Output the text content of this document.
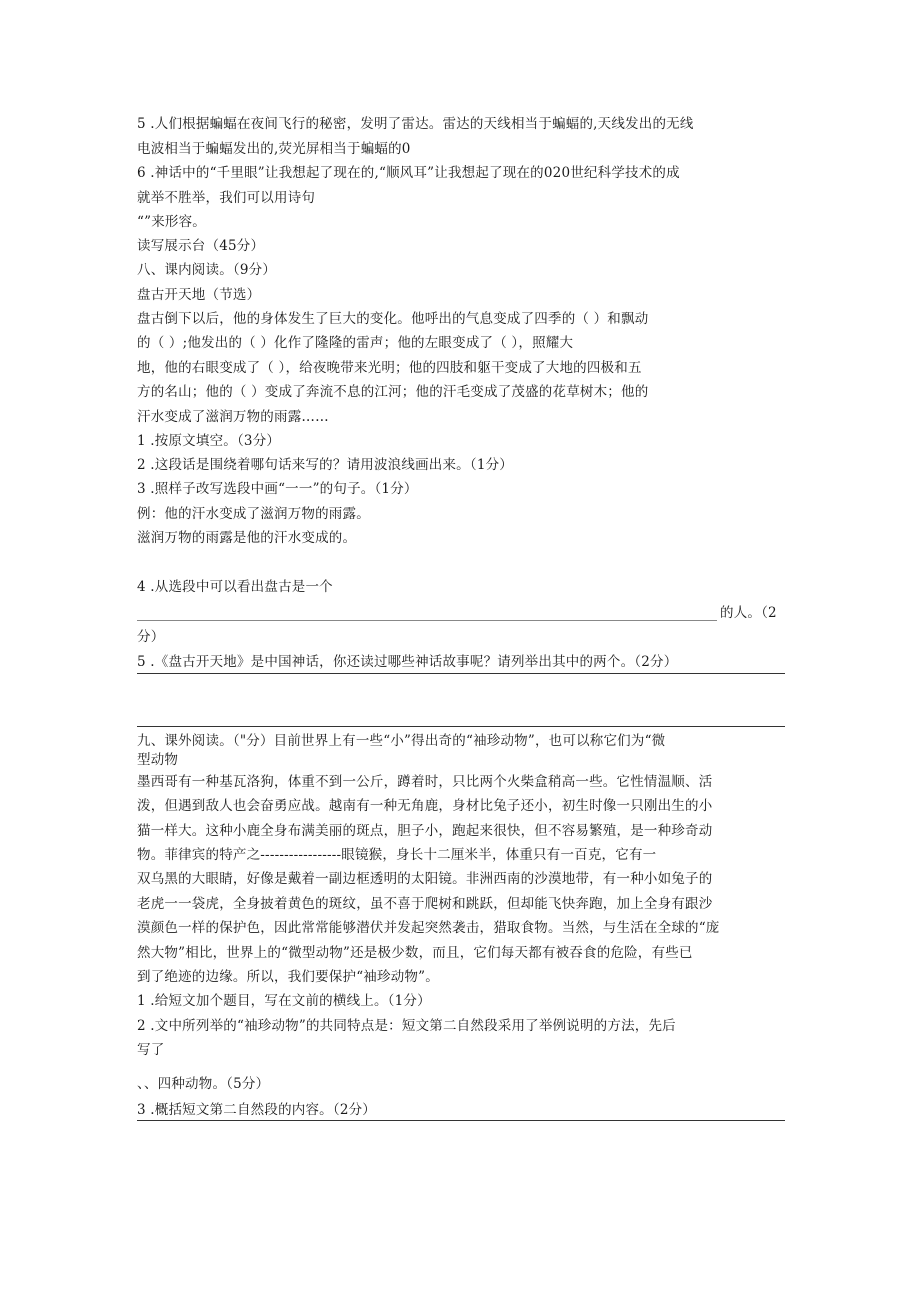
5 .人们根据蝙蝠在夜间飞行的秘密，发明了雷达。雷达的天线相当于蝙蝠的,天线发出的无线
电波相当于蝙蝠发出的,荧光屏相当于蝙蝠的0
6 .神话中的“千里眼”让我想起了现在的,“顺风耳”让我想起了现在的020世纪科学技术的成
就举不胜举，我们可以用诗句
“”来形容。
读写展示台（45分）
八、课内阅读。（9分）
盘古开天地（节选）
盘古倒下以后，他的身体发生了巨大的变化。他呼出的气息变成了四季的（ ）和飘动
的（ ）;他发出的（ ）化作了隆隆的雷声；他的左眼变成了（ ），照耀大
地，他的右眼变成了（ ），给夜晚带来光明；他的四肢和躯干变成了大地的四极和五
方的名山；他的（ ）变成了奔流不息的江河；他的汗毛变成了茂盛的花草树木；他的
汗水变成了滋润万物的雨露……
1 .按原文填空。（3分）
2 .这段话是围绕着哪句话来写的？请用波浪线画出来。（1分）
3 .照样子改写选段中画“一一”的句子。（1分）
例：他的汗水变成了滋润万物的雨露。
滋润万物的雨露是他的汗水变成的。
4 .从选段中可以看出盘古是一个
的人。（2
分）
5 .《盘古开天地》是中国神话，你还读过哪些神话故事呢？请列举出其中的两个。（2分）
九、课外阅读。（"分）目前世界上有一些“小”得出奇的“袖珍动物”，也可以称它们为“微
型动物
墨西哥有一种基瓦洛狗，体重不到一公斤，蹲着时，只比两个火柴盒稍高一些。它性情温顺、活
泼，但遇到敌人也会奋勇应战。越南有一种无角鹿，身材比兔子还小，初生时像一只刚出生的小
猫一样大。这种小鹿全身布满美丽的斑点，胆子小，跑起来很快，但不容易繁殖，是一种珍奇动
物。菲律宾的特产之-----------------眼镜猴，身长十二厘米半，体重只有一百克，它有一
双乌黑的大眼睛，好像是戴着一副边框透明的太阳镜。非洲西南的沙漠地带，有一种小如兔子的
老虎一一袋虎，全身披着黄色的斑纹，虽不喜于爬树和跳跃，但却能飞快奔跑，加上全身有跟沙
漠颜色一样的保护色，因此常常能够潜伏并发起突然袭击，猎取食物。当然，与生活在全球的“庞
然大物”相比，世界上的“微型动物”还是极少数，而且，它们每天都有被吞食的危险，有些已
到了绝迹的边缘。所以，我们要保护“袖珍动物”。
1 .给短文加个题目，写在文前的横线上。（1分）
2 .文中所列举的“袖珍动物”的共同特点是：短文第二自然段采用了举例说明的方法，先后
写了
、、四种动物。（5分）
3 .概括短文第二自然段的内容。（2分）
